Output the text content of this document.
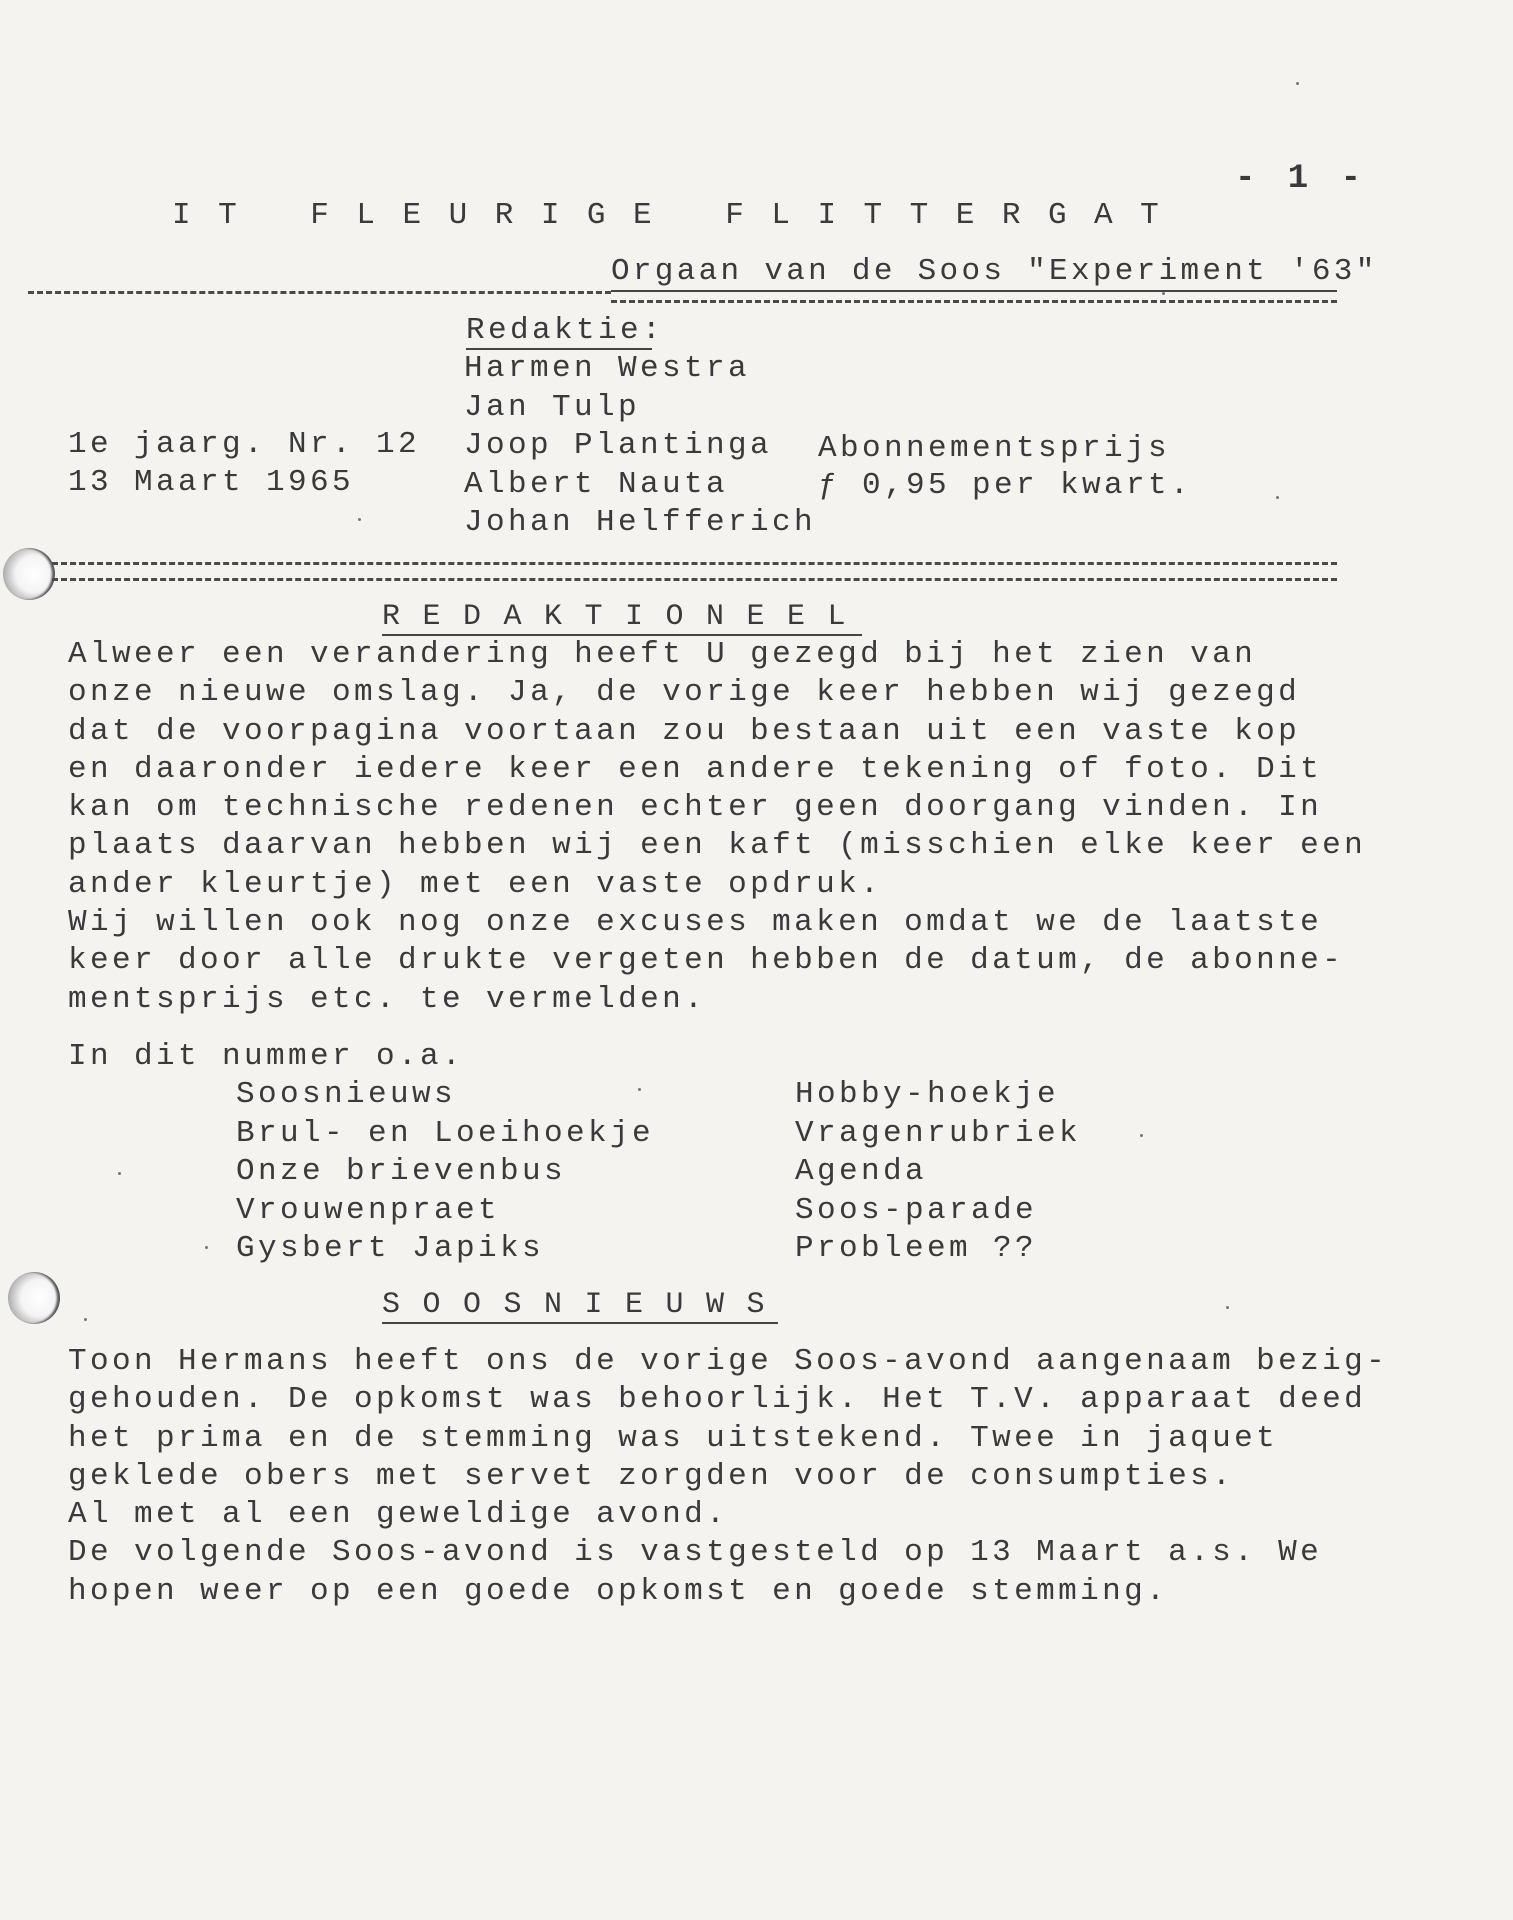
- 1 -
IT FLEURIGE FLITTERGAT
Orgaan van de Soos "Experiment '63"
Redaktie:
Harmen Westra
Jan Tulp
Joop Plantinga
Albert Nauta
Johan Helfferich
1e jaarg. Nr. 12
13 Maart 1965
Abonnementsprijs
ƒ 0,95 per kwart.
REDAKTIONEEL
Alweer een verandering heeft U gezegd bij het zien van
onze nieuwe omslag. Ja, de vorige keer hebben wij gezegd
dat de voorpagina voortaan zou bestaan uit een vaste kop
en daaronder iedere keer een andere tekening of foto. Dit
kan om technische redenen echter geen doorgang vinden. In
plaats daarvan hebben wij een kaft (misschien elke keer een
ander kleurtje) met een vaste opdruk.
Wij willen ook nog onze excuses maken omdat we de laatste
keer door alle drukte vergeten hebben de datum, de abonne-
mentsprijs etc. te vermelden.
In dit nummer o.a.
Soosnieuws
Brul- en Loeihoekje
Onze brievenbus
Vrouwenpraet
Gysbert Japiks
Hobby-hoekje
Vragenrubriek
Agenda
Soos-parade
Probleem ??
SOOSNIEUWS
Toon Hermans heeft ons de vorige Soos-avond aangenaam bezig-
gehouden. De opkomst was behoorlijk. Het T.V. apparaat deed
het prima en de stemming was uitstekend. Twee in jaquet
geklede obers met servet zorgden voor de consumpties.
Al met al een geweldige avond.
De volgende Soos-avond is vastgesteld op 13 Maart a.s. We
hopen weer op een goede opkomst en goede stemming.
